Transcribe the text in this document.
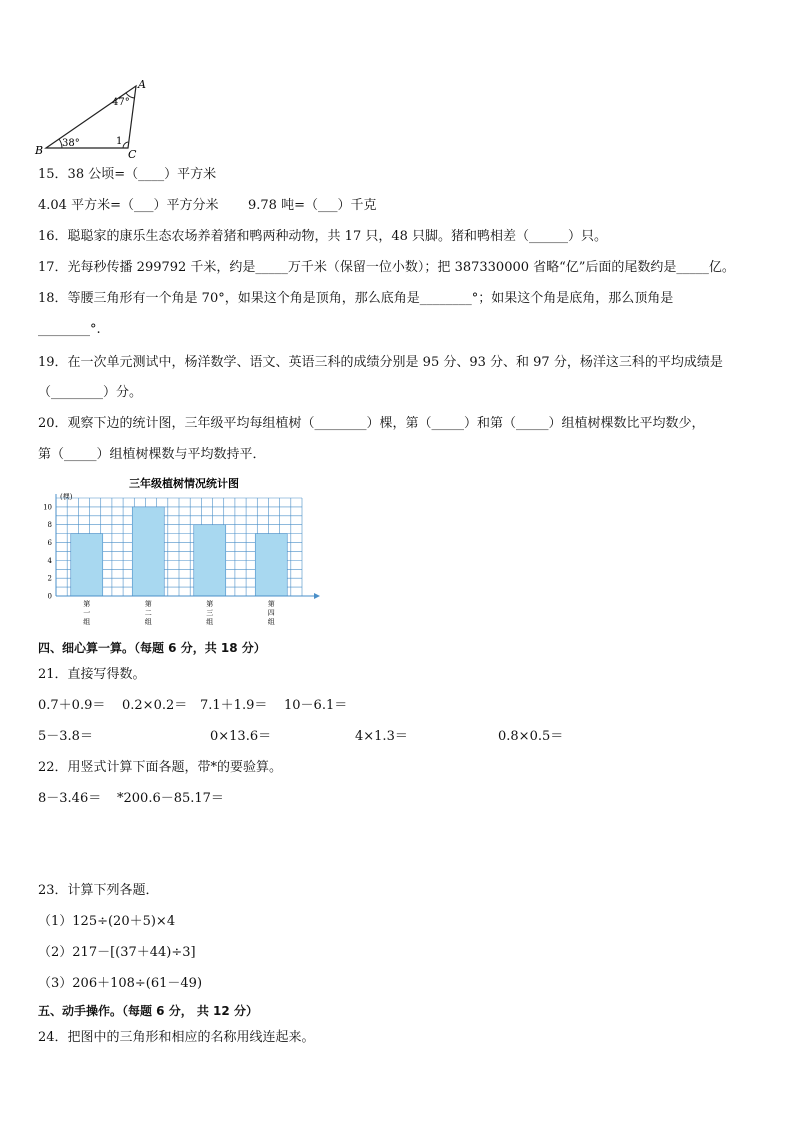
A
B	C
47°
38°	1
15．38 公顷=（____）平方米
4.04 平方米=（___）平方分米 9.78 吨=（___）千克
16．聪聪家的康乐生态农场养着猪和鸭两种动物，共 17 只，48 只脚。猪和鸭相差（______）只。
17．光每秒传播 299792 千米，约是_____万千米（保留一位小数）；把 387330000 省略“亿”后面的尾数约是_____亿。
18．等腰三角形有一个角是 70°，如果这个角是顶角，那么底角是________°；如果这个角是底角，那么顶角是
________°.
19．在一次单元测试中，杨洋数学、语文、英语三科的成绩分别是 95 分、93 分、和 97 分，杨洋这三科的平均成绩是
（________）分。
20．观察下边的统计图，三年级平均每组植树（________）棵，第（_____）和第（_____）组植树棵数比平均数少，
第（_____）组植树棵数与平均数持平．
三年级植树情况统计图
(棵)
0
2
4
6
8
10
第
一
组
第
二
组
第
三
组
第
四
组
四、细心算一算。（每题 6 分，共 18 分）
21．直接写得数。
0.7＋0.9＝ 0.2×0.2＝ 7.1＋1.9＝ 10－6.1＝
5－3.8＝	0×13.6＝	4×1.3＝	0.8×0.5＝
22．用竖式计算下面各题，带*的要验算。
8－3.46＝ *200.6－85.17＝
23．计算下列各题．
（1）125÷(20＋5)×4
（2）217－[(37＋44)÷3]
（3）206＋108÷(61－49)
五、动手操作。（每题 6 分， 共 12 分）
24．把图中的三角形和相应的名称用线连起来。
